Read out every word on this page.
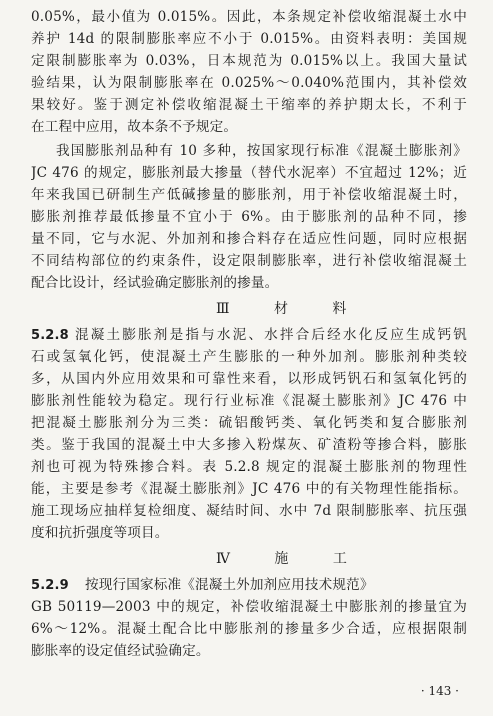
0.05%，最小值为 0.015%。因此，本条规定补偿收缩混凝土水中
养护 14d 的限制膨胀率应不小于 0.015%。由资料表明：美国规
定限制膨胀率为 0.03%，日本规范为 0.015%以上。我国大量试
验结果，认为限制膨胀率在 0.025%～0.040%范围内，其补偿效
果较好。鉴于测定补偿收缩混凝土干缩率的养护期太长，不利于
在工程中应用，故本条不予规定。
我国膨胀剂品种有 10 多种，按国家现行标准《混凝土膨胀剂》
JC 476 的规定，膨胀剂最大掺量（替代水泥率）不宜超过 12%；近
年来我国已研制生产低碱掺量的膨胀剂，用于补偿收缩混凝土时，
膨胀剂推荐最低掺量不宜小于 6%。由于膨胀剂的品种不同，掺
量不同，它与水泥、外加剂和掺合料存在适应性问题，同时应根据
不同结构部位的约束条件，设定限制膨胀率，进行补偿收缩混凝土
配合比设计，经试验确定膨胀剂的掺量。
Ⅲ 材 料
5.2.8 混凝土膨胀剂是指与水泥、水拌合后经水化反应生成钙钒
石或氢氧化钙，使混凝土产生膨胀的一种外加剂。膨胀剂种类较
多，从国内外应用效果和可靠性来看，以形成钙钒石和氢氧化钙的
膨胀剂性能较为稳定。现行行业标准《混凝土膨胀剂》JC 476 中
把混凝土膨胀剂分为三类：硫铝酸钙类、氧化钙类和复合膨胀剂
类。鉴于我国的混凝土中大多掺入粉煤灰、矿渣粉等掺合料，膨胀
剂也可视为特殊掺合料。表 5.2.8 规定的混凝土膨胀剂的物理性
能，主要是参考《混凝土膨胀剂》JC 476 中的有关物理性能指标。
施工现场应抽样复检细度、凝结时间、水中 7d 限制膨胀率、抗压强
度和抗折强度等项目。
Ⅳ 施 工
5.2.9	按现行国家标准《混凝土外加剂应用技术规范》
GB 50119—2003 中的规定，补偿收缩混凝土中膨胀剂的掺量宜为
6%～12%。混凝土配合比中膨胀剂的掺量多少合适，应根据限制
膨胀率的设定值经试验确定。
· 143 ·
